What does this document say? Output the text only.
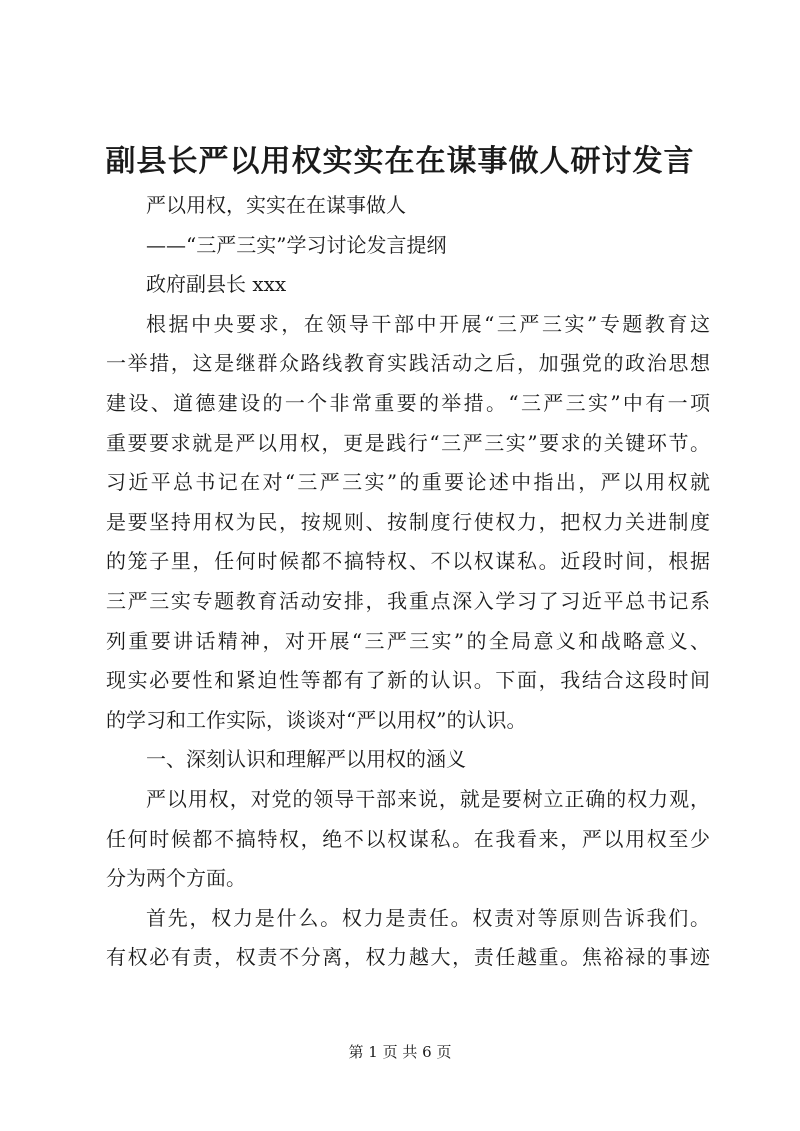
副县长严以用权实实在在谋事做人研讨发言
严以用权，实实在在谋事做人
——“三严三实”学习讨论发言提纲
政府副县长 xxx
根据中央要求，在领导干部中开展“三严三实”专题教育这
一举措，这是继群众路线教育实践活动之后，加强党的政治思想
建设、道德建设的一个非常重要的举措。“三严三实”中有一项
重要要求就是严以用权，更是践行“三严三实”要求的关键环节。
习近平总书记在对“三严三实”的重要论述中指出，严以用权就
是要坚持用权为民，按规则、按制度行使权力，把权力关进制度
的笼子里，任何时候都不搞特权、不以权谋私。近段时间，根据
三严三实专题教育活动安排，我重点深入学习了习近平总书记系
列重要讲话精神，对开展“三严三实”的全局意义和战略意义、
现实必要性和紧迫性等都有了新的认识。下面，我结合这段时间
的学习和工作实际，谈谈对“严以用权”的认识。
一、深刻认识和理解严以用权的涵义
严以用权，对党的领导干部来说，就是要树立正确的权力观，
任何时候都不搞特权，绝不以权谋私。在我看来，严以用权至少
分为两个方面。
首先，权力是什么。权力是责任。权责对等原则告诉我们。
有权必有责，权责不分离，权力越大，责任越重。焦裕禄的事迹
第 1 页 共 6 页
